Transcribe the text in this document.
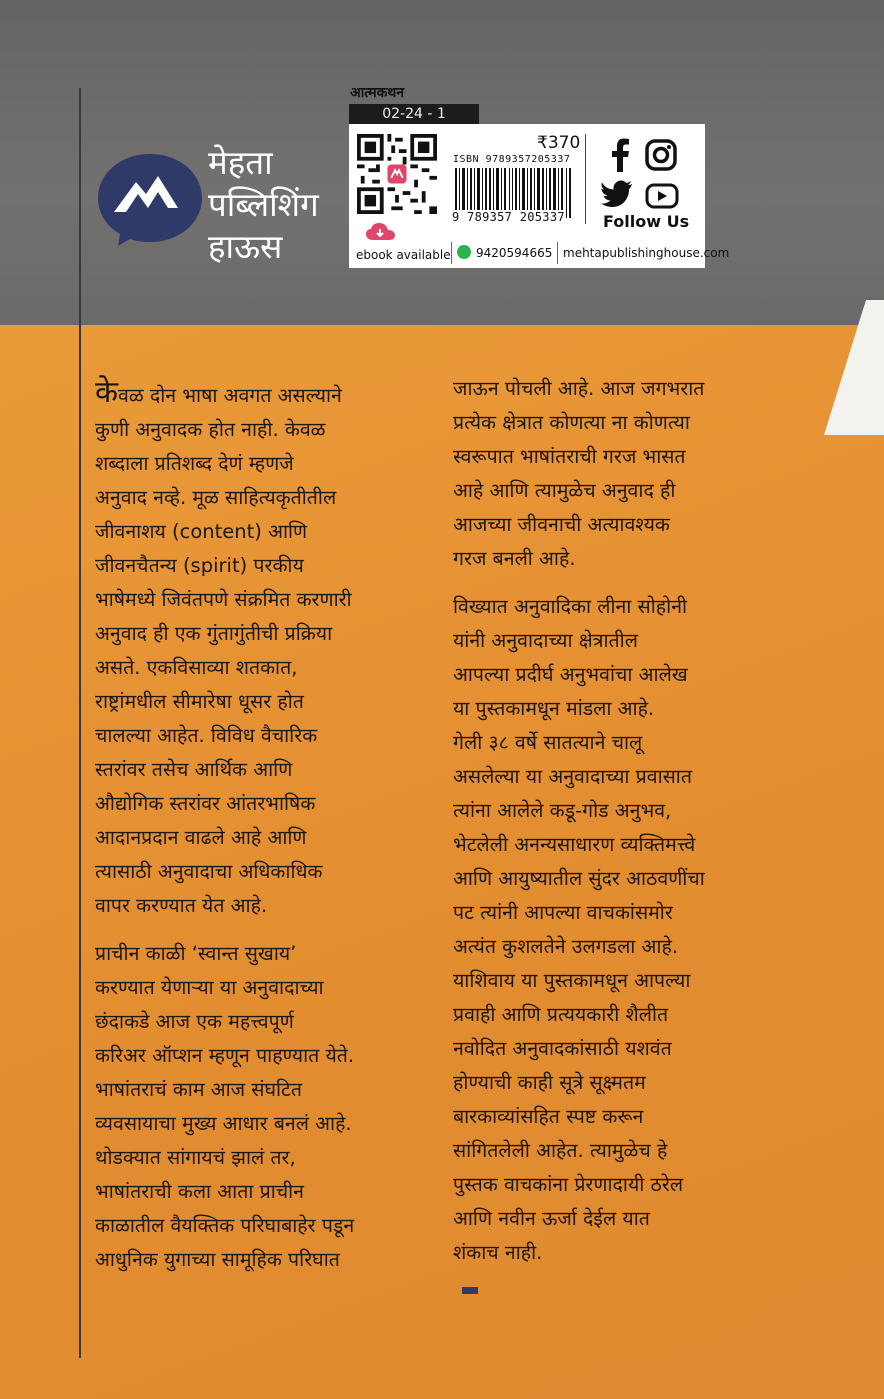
मेहता
पब्लिशिंग
हाऊस
आत्मकथन
02-24 - 1
₹370
ISBN 9789357205337
9 789357 205337 Follow Us
ebook available 9420594665 mehtapublishinghouse.com

केवळ दोन भाषा अवगत असल्याने

कुणी अनुवादक होत नाही. केवळ

शब्दाला प्रतिशब्द देणं म्हणजे

अनुवाद नव्हे. मूळ साहित्यकृतीतील

जीवनाशय (content) आणि

जीवनचैतन्य (spirit) परकीय

भाषेमध्ये जिवंतपणे संक्रमित करणारी

अनुवाद ही एक गुंतागुंतीची प्रक्रिया

असते. एकविसाव्या शतकात,

राष्ट्रांमधील सीमारेषा धूसर होत

चालल्या आहेत. विविध वैचारिक

स्तरांवर तसेच आर्थिक आणि

औद्योगिक स्तरांवर आंतरभाषिक

आदानप्रदान वाढले आहे आणि

त्यासाठी अनुवादाचा अधिकाधिक

वापर करण्यात येत आहे.

प्राचीन काळी ‘स्वान्त सुखाय’

करण्यात येणाऱ्या या अनुवादाच्या

छंदाकडे आज एक महत्त्वपूर्ण

करिअर ऑप्शन म्हणून पाहण्यात येते.

भाषांतराचं काम आज संघटित

व्यवसायाचा मुख्य आधार बनलं आहे.

थोडक्यात सांगायचं झालं तर,

भाषांतराची कला आता प्राचीन

काळातील वैयक्तिक परिघाबाहेर पडून

आधुनिक युगाच्या सामूहिक परिघात

जाऊन पोचली आहे. आज जगभरात

प्रत्येक क्षेत्रात कोणत्या ना कोणत्या

स्वरूपात भाषांतराची गरज भासत

आहे आणि त्यामुळेच अनुवाद ही

आजच्या जीवनाची अत्यावश्यक

गरज बनली आहे.

विख्यात अनुवादिका लीना सोहोनी

यांनी अनुवादाच्या क्षेत्रातील

आपल्या प्रदीर्घ अनुभवांचा आलेख

या पुस्तकामधून मांडला आहे.

गेली ३८ वर्षे सातत्याने चालू

असलेल्या या अनुवादाच्या प्रवासात

त्यांना आलेले कडू-गोड अनुभव,

भेटलेली अनन्यसाधारण व्यक्तिमत्त्वे

आणि आयुष्यातील सुंदर आठवणींचा

पट त्यांनी आपल्या वाचकांसमोर

अत्यंत कुशलतेने उलगडला आहे.

याशिवाय या पुस्तकामधून आपल्या

प्रवाही आणि प्रत्ययकारी शैलीत

नवोदित अनुवादकांसाठी यशवंत

होण्याची काही सूत्रे सूक्ष्मतम

बारकाव्यांसहित स्पष्ट करून

सांगितलेली आहेत. त्यामुळेच हे

पुस्तक वाचकांना प्रेरणादायी ठरेल

आणि नवीन ऊर्जा देईल यात

शंकाच नाही.
